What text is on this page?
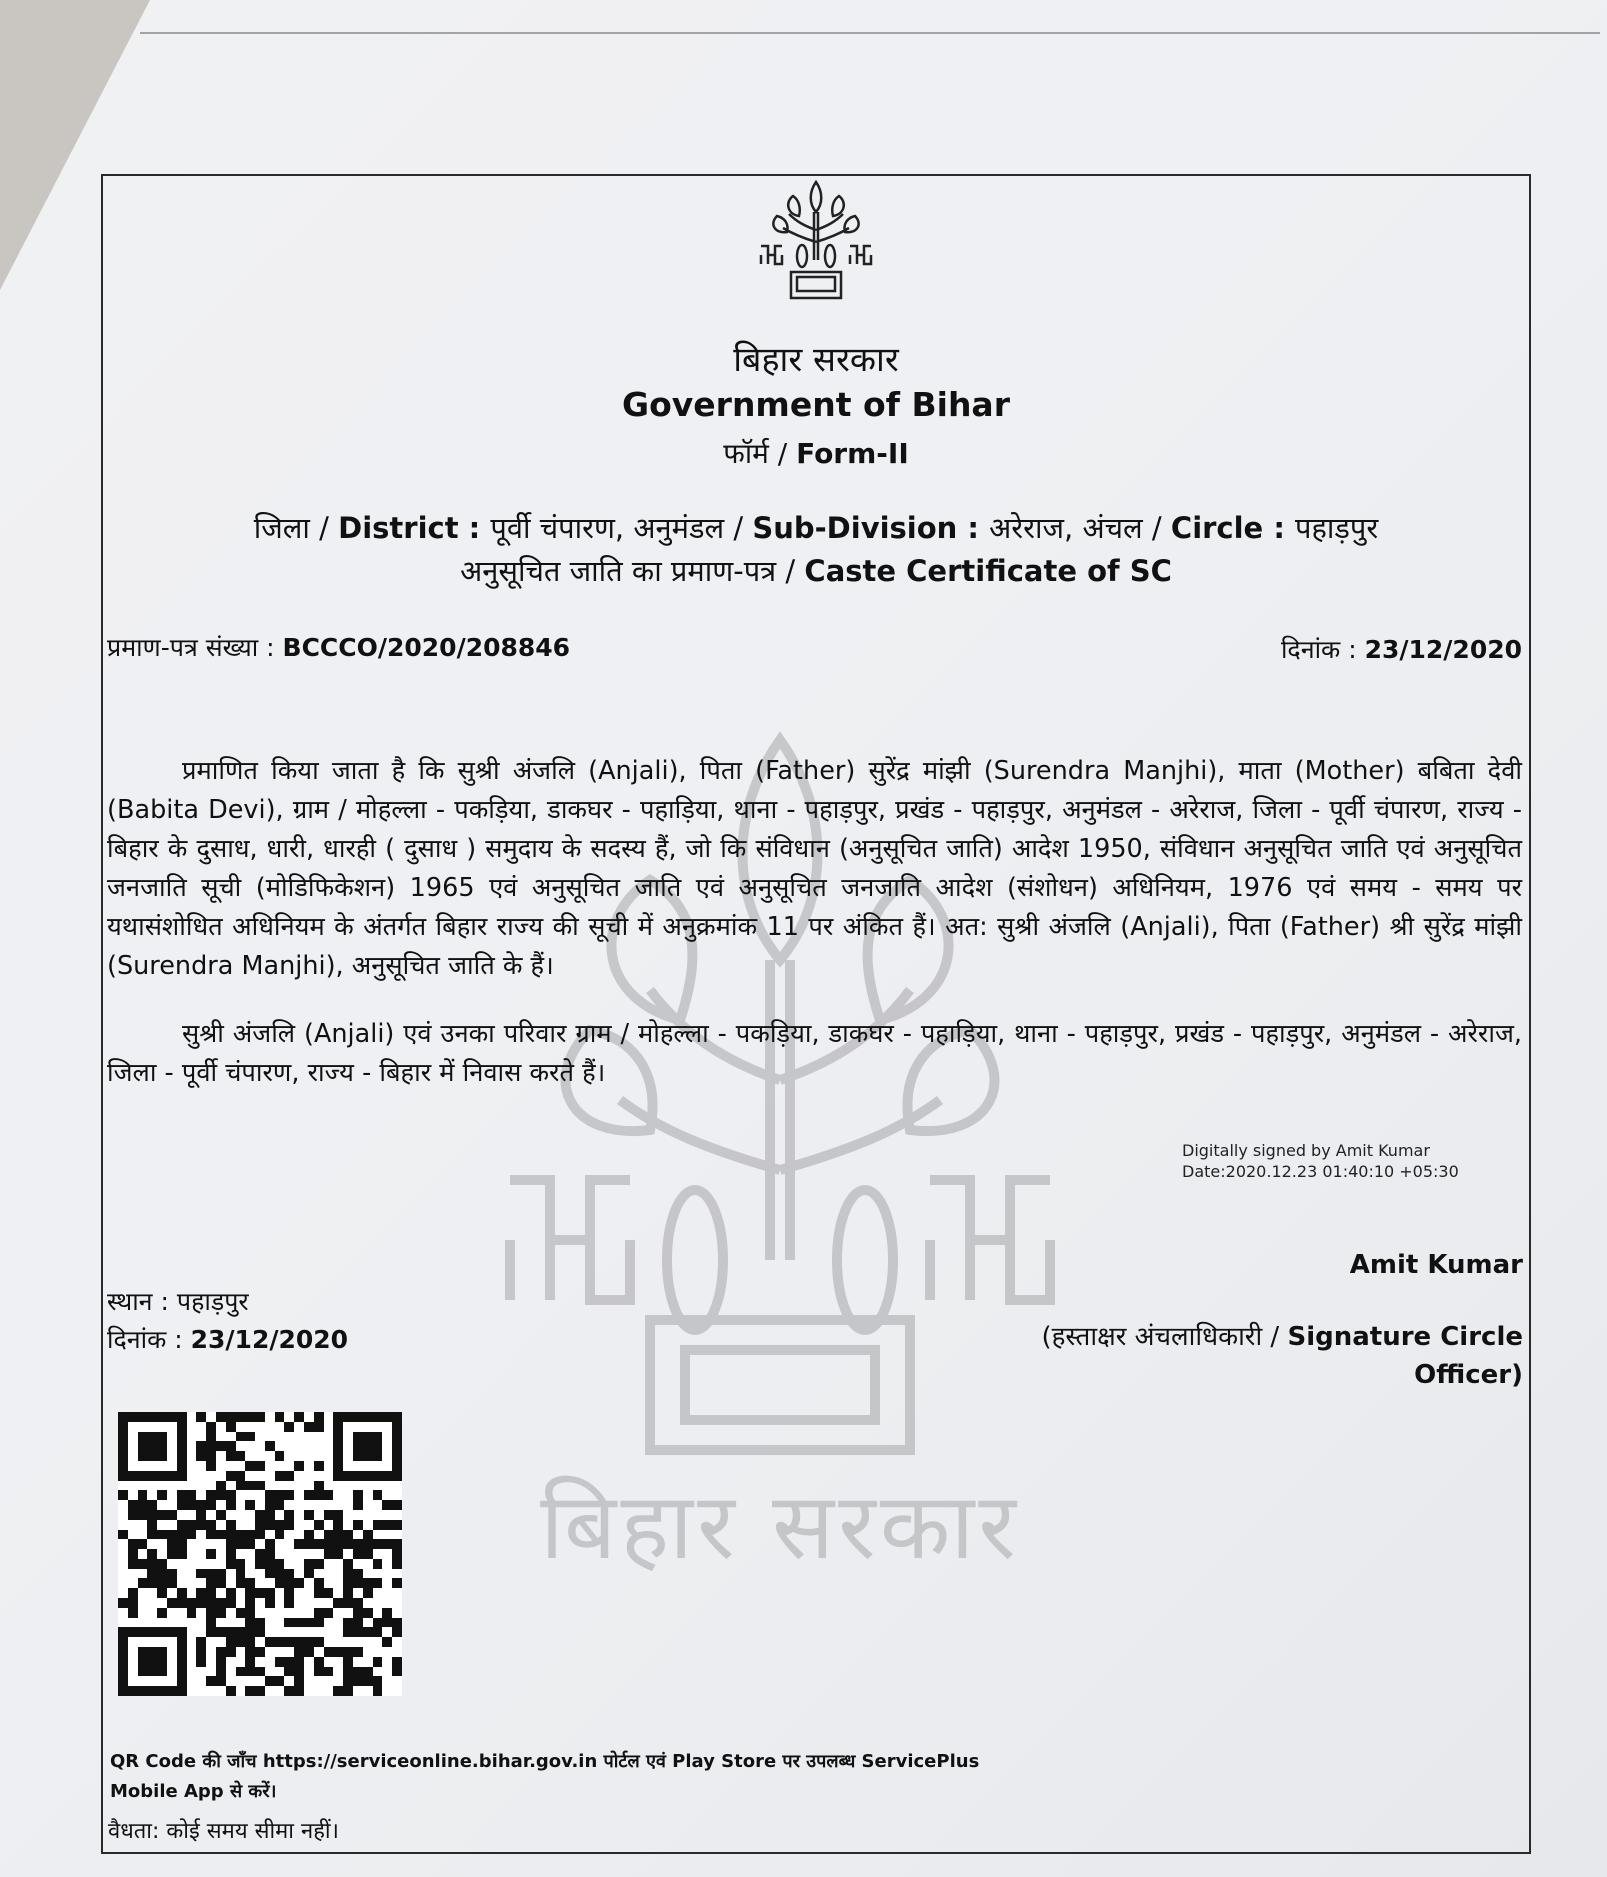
बिहार सरकार
Government of Bihar
फॉर्म / Form-II
जिला / District : पूर्वी चंपारण, अनुमंडल / Sub-Division : अरेराज, अंचल / Circle : पहाड़पुर
अनुसूचित जाति का प्रमाण-पत्र / Caste Certificate of SC
प्रमाण-पत्र संख्या : BCCCO/2020/208846	दिनांक : 23/12/2020
प्रमाणित किया जाता है कि सुश्री अंजलि (Anjali), पिता (Father) सुरेंद्र मांझी (Surendra Manjhi), माता (Mother) बबिता देवी (Babita Devi), ग्राम / मोहल्ला - पकड़िया, डाकघर - पहाड़िया, थाना - पहाड़पुर, प्रखंड - पहाड़पुर, अनुमंडल - अरेराज, जिला - पूर्वी चंपारण, राज्य - बिहार के दुसाध, धारी, धारही ( दुसाध ) समुदाय के सदस्य हैं, जो कि संविधान (अनुसूचित जाति) आदेश 1950, संविधान अनुसूचित जाति एवं अनुसूचित जनजाति सूची (मोडिफिकेशन) 1965 एवं अनुसूचित जाति एवं अनुसूचित जनजाति आदेश (संशोधन) अधिनियम, 1976 एवं समय - समय पर यथासंशोधित अधिनियम के अंतर्गत बिहार राज्य की सूची में अनुक्रमांक 11 पर अंकित हैं। अत: सुश्री अंजलि (Anjali), पिता (Father) श्री सुरेंद्र मांझी (Surendra Manjhi), अनुसूचित जाति के हैं।
सुश्री अंजलि (Anjali) एवं उनका परिवार ग्राम / मोहल्ला - पकड़िया, डाकघर - पहाड़िया, थाना - पहाड़पुर, प्रखंड - पहाड़पुर, अनुमंडल - अरेराज, जिला - पूर्वी चंपारण, राज्य - बिहार में निवास करते हैं।
Digitally signed by Amit Kumar
Date:2020.12.23 01:40:10 +05:30
Amit Kumar
(हस्ताक्षर अंचलाधिकारी / Signature Circle Officer)
स्थान : पहाड़पुर
दिनांक : 23/12/2020
QR Code की जाँच https://serviceonline.bihar.gov.in पोर्टल एवं Play Store पर उपलब्ध ServicePlus
Mobile App से करें।
वैधता: कोई समय सीमा नहीं।
